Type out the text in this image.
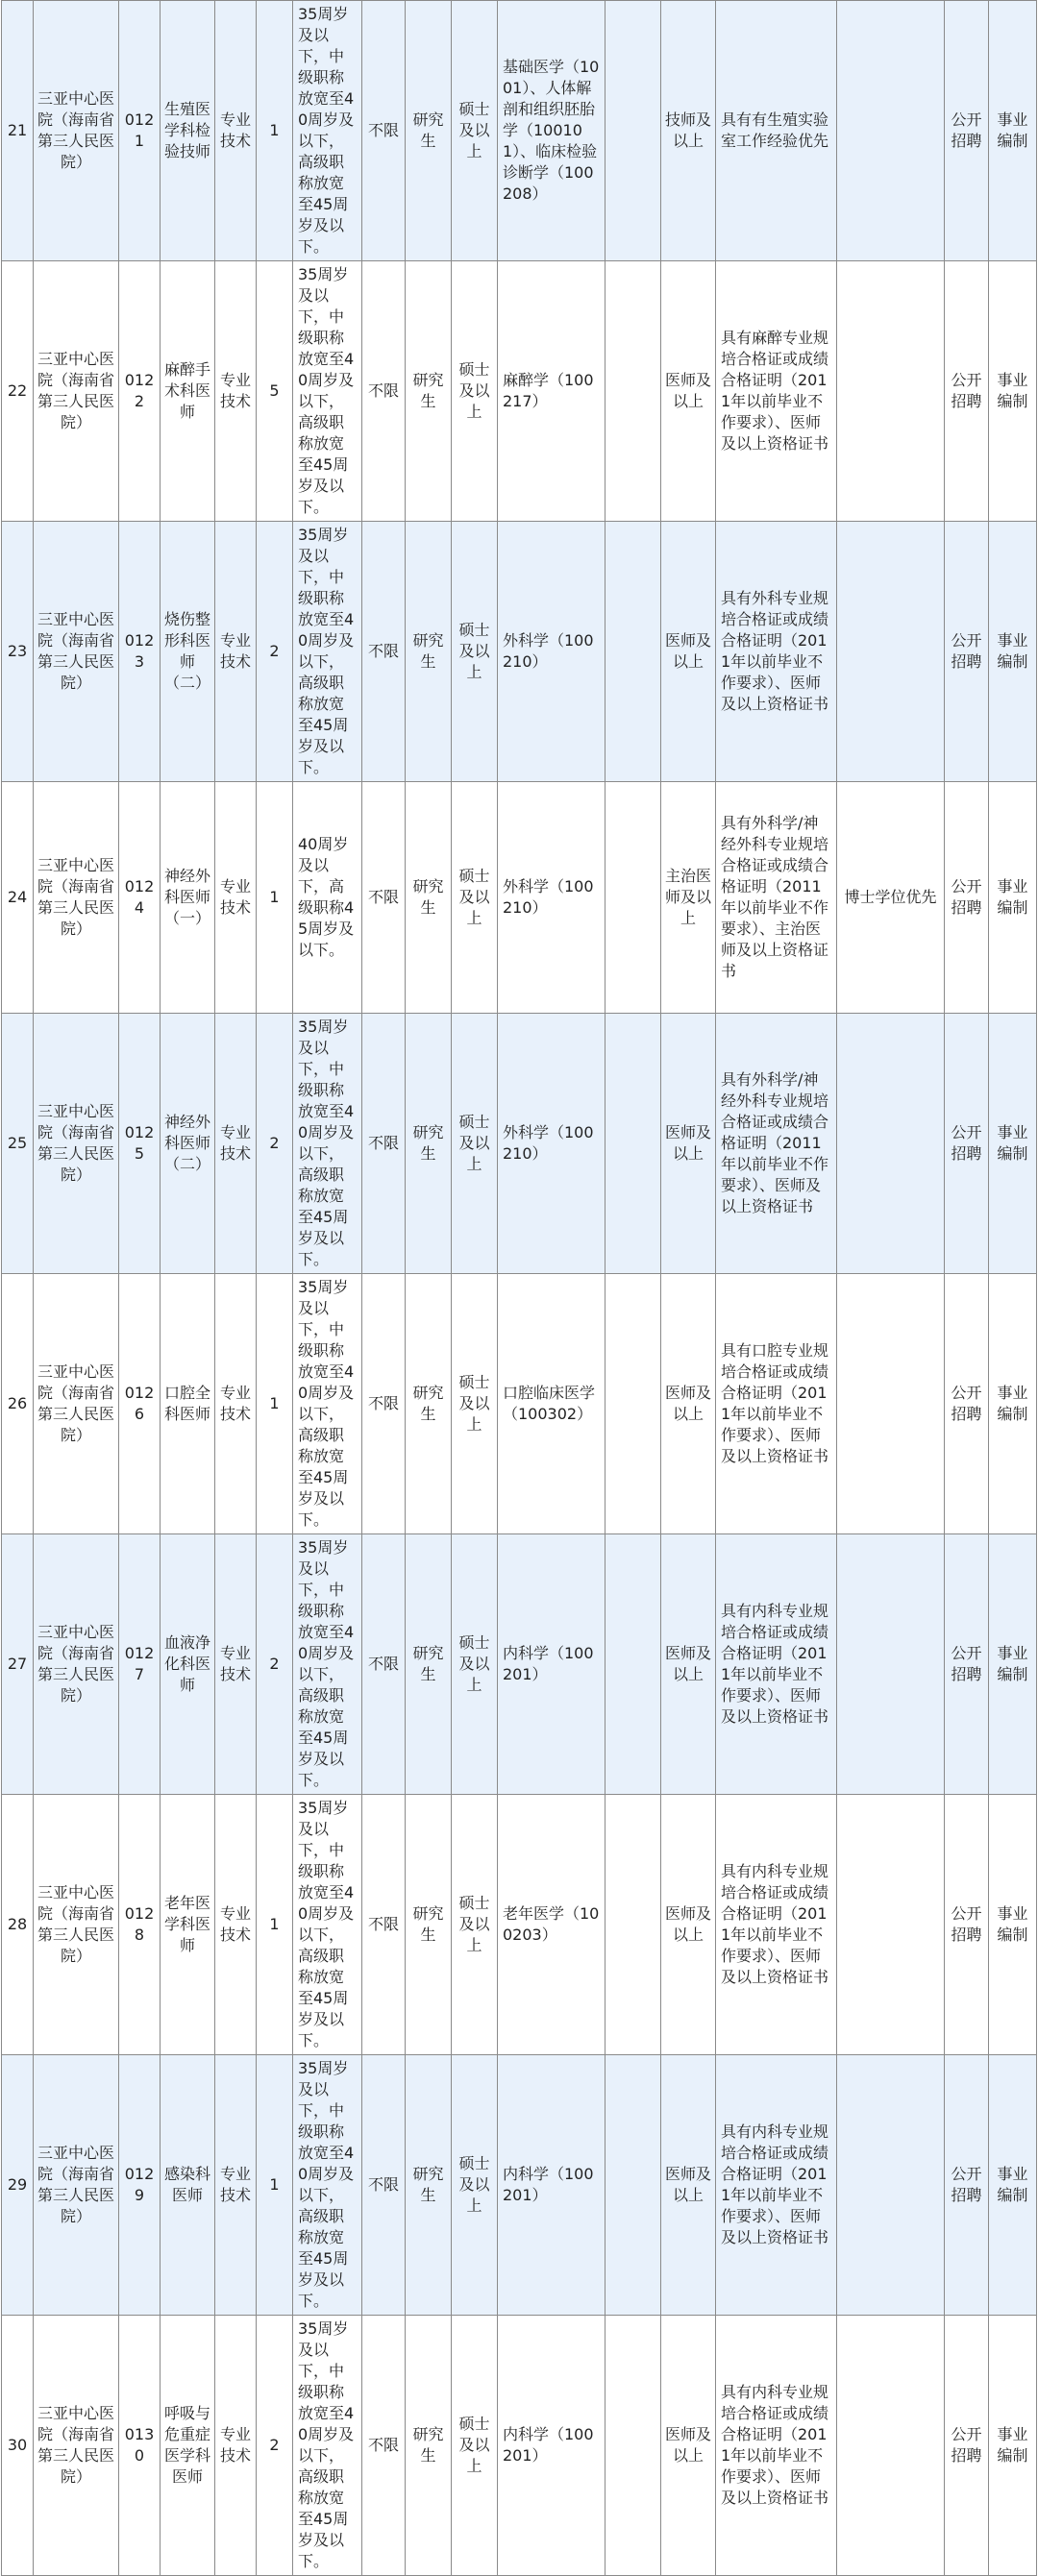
21	三亚中心医院（海南省第三人民医院）	0121	生殖医学科检验技师	专业技术	1	35周岁及以下，中级职称放宽至40周岁及以下，高级职称放宽至45周岁及以下。	不限	研究生	硕士及以上	基础医学（1001）、人体解剖和组织胚胎学（100101）、临床检验诊断学（100208）		技师及以上	具有有生殖实验室工作经验优先		公开招聘	事业编制
22	三亚中心医院（海南省第三人民医院）	0122	麻醉手术科医师	专业技术	5	35周岁及以下，中级职称放宽至40周岁及以下，高级职称放宽至45周岁及以下。	不限	研究生	硕士及以上	麻醉学（100217）		医师及以上	具有麻醉专业规培合格证或成绩合格证明（2011年以前毕业不作要求）、医师及以上资格证书		公开招聘	事业编制
23	三亚中心医院（海南省第三人民医院）	0123	烧伤整形科医师（二）	专业技术	2	35周岁及以下，中级职称放宽至40周岁及以下，高级职称放宽至45周岁及以下。	不限	研究生	硕士及以上	外科学（100210）		医师及以上	具有外科专业规培合格证或成绩合格证明（2011年以前毕业不作要求）、医师及以上资格证书		公开招聘	事业编制
24	三亚中心医院（海南省第三人民医院）	0124	神经外科医师（一）	专业技术	1	40周岁及以下，高级职称45周岁及以下。	不限	研究生	硕士及以上	外科学（100210）		主治医师及以上	具有外科学/神经外科专业规培合格证或成绩合格证明（2011年以前毕业不作要求）、主治医师及以上资格证书	博士学位优先	公开招聘	事业编制
25	三亚中心医院（海南省第三人民医院）	0125	神经外科医师（二）	专业技术	2	35周岁及以下，中级职称放宽至40周岁及以下，高级职称放宽至45周岁及以下。	不限	研究生	硕士及以上	外科学（100210）		医师及以上	具有外科学/神经外科专业规培合格证或成绩合格证明（2011年以前毕业不作要求）、医师及以上资格证书		公开招聘	事业编制
26	三亚中心医院（海南省第三人民医院）	0126	口腔全科医师	专业技术	1	35周岁及以下，中级职称放宽至40周岁及以下，高级职称放宽至45周岁及以下。	不限	研究生	硕士及以上	口腔临床医学（100302）		医师及以上	具有口腔专业规培合格证或成绩合格证明（2011年以前毕业不作要求）、医师及以上资格证书		公开招聘	事业编制
27	三亚中心医院（海南省第三人民医院）	0127	血液净化科医师	专业技术	2	35周岁及以下，中级职称放宽至40周岁及以下，高级职称放宽至45周岁及以下。	不限	研究生	硕士及以上	内科学（100201）		医师及以上	具有内科专业规培合格证或成绩合格证明（2011年以前毕业不作要求）、医师及以上资格证书		公开招聘	事业编制
28	三亚中心医院（海南省第三人民医院）	0128	老年医学科医师	专业技术	1	35周岁及以下，中级职称放宽至40周岁及以下，高级职称放宽至45周岁及以下。	不限	研究生	硕士及以上	老年医学（100203）		医师及以上	具有内科专业规培合格证或成绩合格证明（2011年以前毕业不作要求）、医师及以上资格证书		公开招聘	事业编制
29	三亚中心医院（海南省第三人民医院）	0129	感染科医师	专业技术	1	35周岁及以下，中级职称放宽至40周岁及以下，高级职称放宽至45周岁及以下。	不限	研究生	硕士及以上	内科学（100201）		医师及以上	具有内科专业规培合格证或成绩合格证明（2011年以前毕业不作要求）、医师及以上资格证书		公开招聘	事业编制
30	三亚中心医院（海南省第三人民医院）	0130	呼吸与危重症医学科医师	专业技术	2	35周岁及以下，中级职称放宽至40周岁及以下，高级职称放宽至45周岁及以下。	不限	研究生	硕士及以上	内科学（100201）		医师及以上	具有内科专业规培合格证或成绩合格证明（2011年以前毕业不作要求）、医师及以上资格证书		公开招聘	事业编制
